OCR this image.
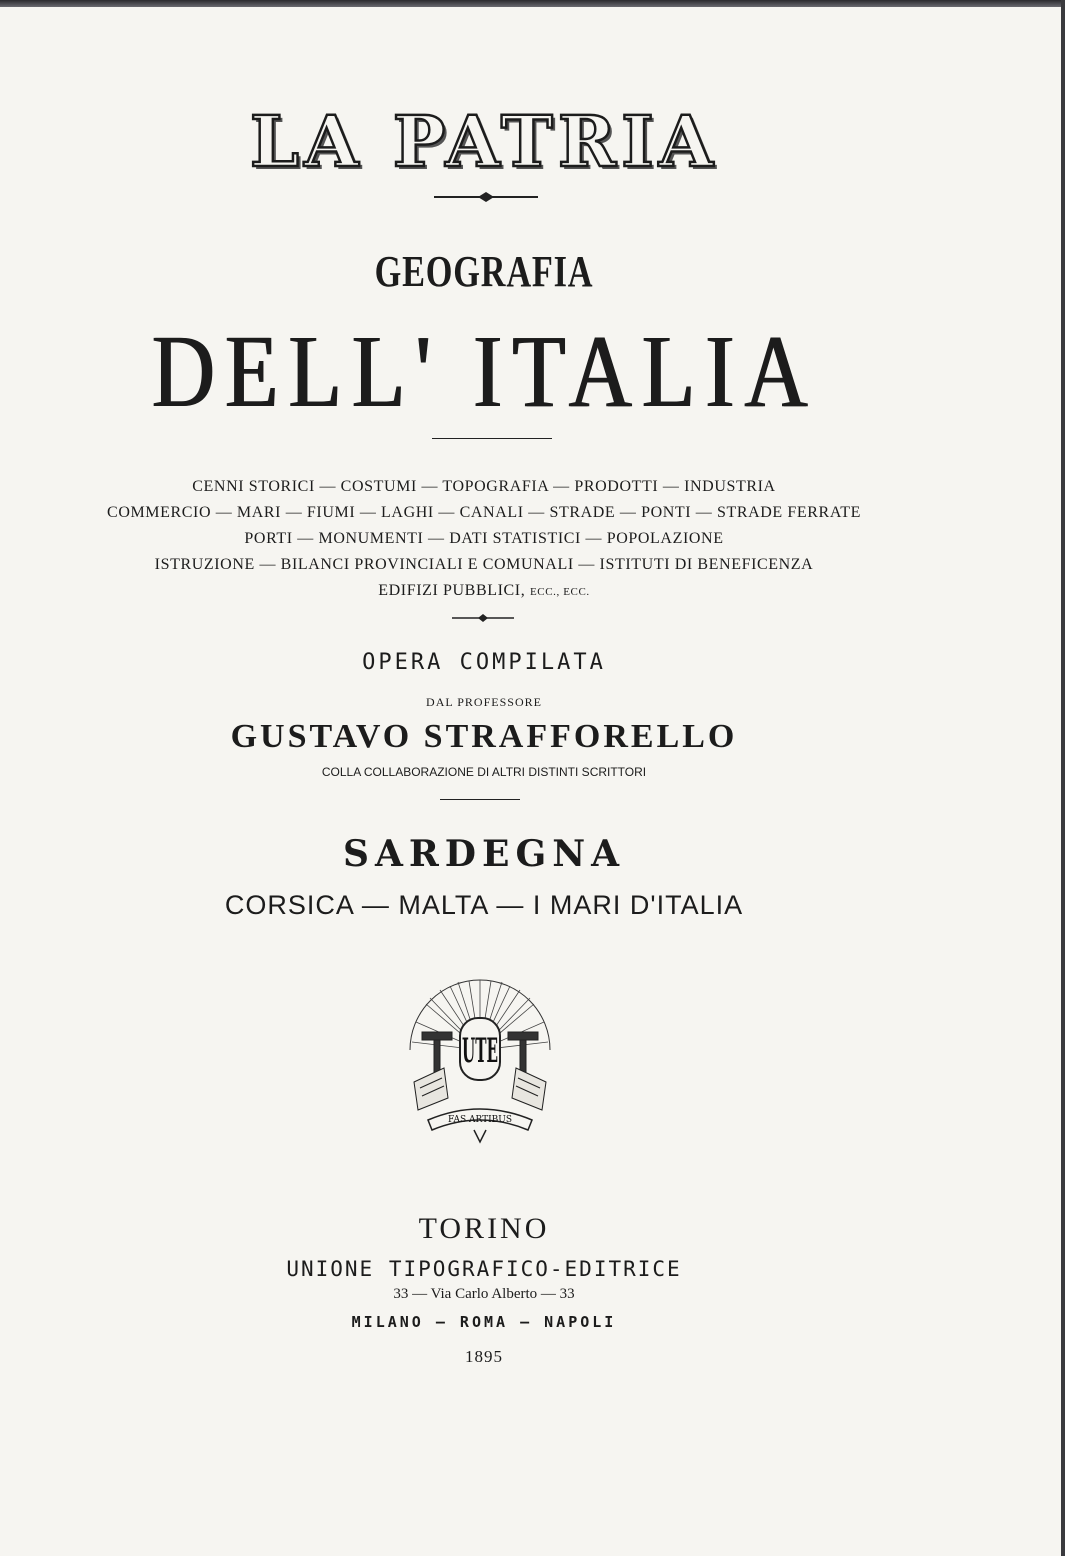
LA PATRIA
GEOGRAFIA
DELL' ITALIA
CENNI STORICI — COSTUMI — TOPOGRAFIA — PRODOTTI — INDUSTRIA
COMMERCIO — MARI — FIUMI — LAGHI — CANALI — STRADE — PONTI — STRADE FERRATE
PORTI — MONUMENTI — DATI STATISTICI — POPOLAZIONE
ISTRUZIONE — BILANCI PROVINCIALI E COMUNALI — ISTITUTI DI BENEFICENZA
EDIFIZI PUBBLICI, ECC., ECC.
OPERA COMPILATA
DAL PROFESSORE
GUSTAVO STRAFFORELLO
COLLA COLLABORAZIONE DI ALTRI DISTINTI SCRITTORI
SARDEGNA
CORSICA — MALTA — I MARI D'ITALIA
UTE
FAS ARTIBUS
TORINO
UNIONE TIPOGRAFICO-EDITRICE
33 — Via Carlo Alberto — 33
MILANO — ROMA — NAPOLI
1895
